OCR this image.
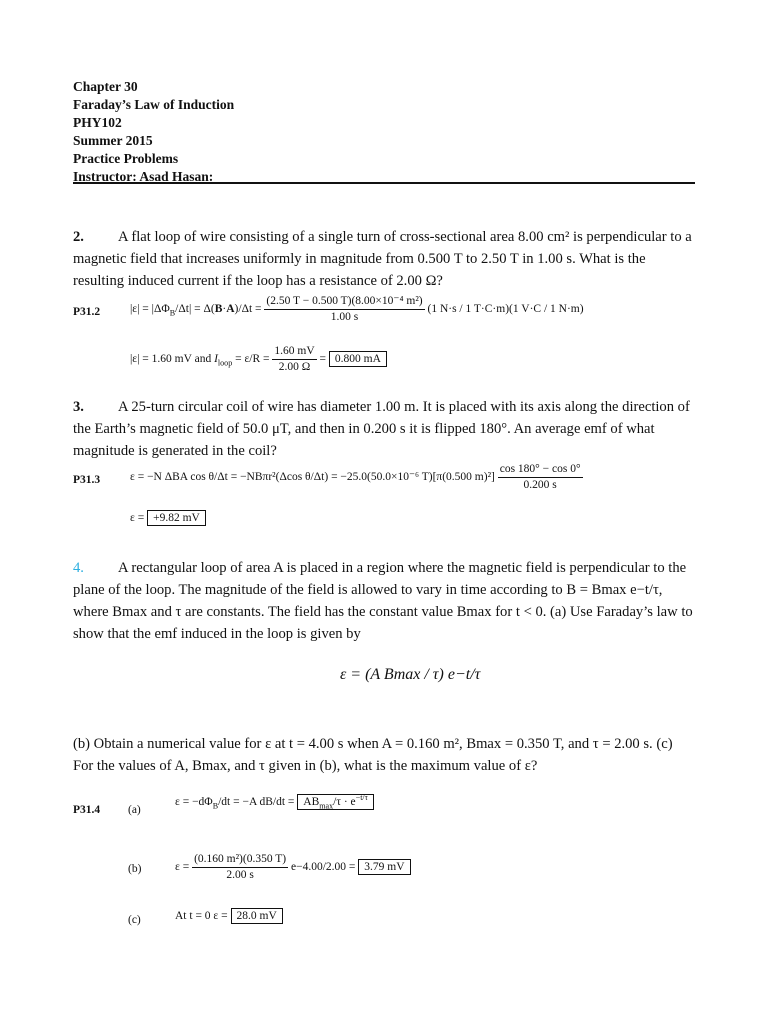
Chapter 30
Faraday’s Law of Induction
PHY102
Summer 2015
Practice Problems
Instructor: Asad Hasan:
2. A flat loop of wire consisting of a single turn of cross-sectional area 8.00 cm² is perpendicular to a magnetic field that increases uniformly in magnitude from 0.500 T to 2.50 T in 1.00 s. What is the resulting induced current if the loop has a resistance of 2.00 Ω?
P31.2	$|\varepsilon| = |\Delta\Phi_B/\Delta t| = \Delta(B\cdot A)/\Delta t = \frac{\text{(2.50 T − 0.500 T)(8.00×10⁻⁴ m²)}}{1.00 s} (1$ N·s / 1 T·C·m)(1 V·C / 1 N·m)
|ε| = 1.60 mV and $I_{loop} = \varepsilon/R = \frac{1.60 mV}{2.00 \Omega} = 0.800$ mA
3. A 25-turn circular coil of wire has diameter 1.00 m. It is placed with its axis along the direction of the Earth’s magnetic field of 50.0 μT, and then in 0.200 s it is flipped 180°. An average emf of what magnitude is generated in the coil?
P31.3	ε = −N ΔBA cos θ/Δt = −NBπr²(Δcos θ/Δt) = −25.0(50.0×10⁻⁶ T)[π(0.500 $m)^2] \frac{\cos 180^\circ - \cos 0^\circ}{0.200 s}$
ε = +9.82 mV
4. A rectangular loop of area A is placed in a region where the magnetic field is perpendicular to the plane of the loop. The magnitude of the field is allowed to vary in time according to B = Bmax e−t/τ, where Bmax and τ are constants. The field has the constant value Bmax for t < 0. (a) Use Faraday’s law to show that the emf induced in the loop is given by
ε = (A Bmax / τ) e−t/τ
(b) Obtain a numerical value for ε at t = 4.00 s when A = 0.160 m², Bmax = 0.350 T, and τ = 2.00 s. (c) For the values of A, Bmax, and τ given in (b), what is the maximum value of ε?
P31.4 (a)
$\varepsilon = -d\Phi_B/dt = -A$ $dB/dt = AB_{max}/\tau \cdot e^{-t/\tau}$
(b)	$\varepsilon = \frac{\text{(0.160 m²)(0.350 T)}}{2.00 s} e-4.00/2.00 = 3.79$ mV
(c)	At t = 0 ε = 28.0 mV
